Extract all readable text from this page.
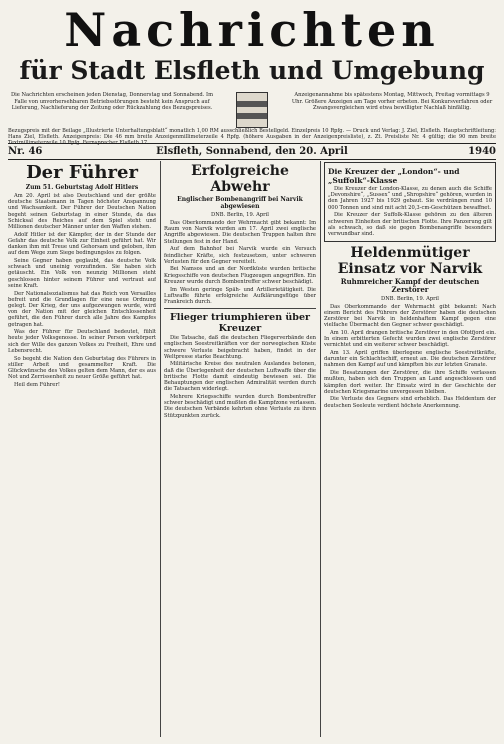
Nachrichten
für Stadt Elsfleth und Umgebung
Die Nachrichten erscheinen jeden Dienstag, Donnerstag und Sonnabend. Im Falle von unvorhersehbaren Betriebsstörungen besteht kein Anspruch auf Lieferung, Nachlieferung der Zeitung oder Rückzahlung des Bezugspreises.
Anzeigenannahme bis spätestens Montag, Mittwoch, Freitag vormittags 9 Uhr. Größere Anzeigen am Tage vorher erbeten. Bei Konkursverfahren oder Zwangsvergleichen wird etwa bewilligter Nachlaß hinfällig.
Bezugspreis mit der Beilage „Illustrierte Unterhaltungsblatt“ monatlich 1,00 RM ausschließlich Bestellgeld. Einzelpreis 10 Rpfg. — Druck und Verlag: J. Ziel, Elsfleth. Hauptschriftleitung: Hans Ziel, Elsfleth. Anzeigenpreis: Die 46 mm breite Anzeigenmillimeterzeile 4 Rpfg. (höhere Ausgaben in der Anzeigenpreisliste), z. Zt. Preisliste Nr. 4 gültig; die 90 mm breite Textmillimeterzeile 10 Rpfg. Fernsprecher Elsfleth 17.
Nr. 46	Elsfleth, Sonnabend, den 20. April	1940
Der Führer
Zum 51. Geburtstag Adolf Hitlers

Am 20. April ist also Deutschland und der größte deutsche Staatsmann in Tagen höchster Anspannung und Wachsamkeit. Der Führer der Deutschen Nation begeht seinen Geburtstag in einer Stunde, da das Schicksal des Reiches auf dem Spiel steht und Millionen deutscher Männer unter den Waffen stehen.

Adolf Hitler ist der Kämpfer, der in der Stunde der Gefahr das deutsche Volk zur Einheit geführt hat. Wir danken ihm mit Treue und Gehorsam und geloben, ihm auf dem Wege zum Siege bedingungslos zu folgen.

Seine Gegner haben geglaubt, das deutsche Volk schwach und uneinig vorzufinden. Sie haben sich getäuscht. Ein Volk von neunzig Millionen steht geschlossen hinter seinem Führer und vertraut auf seine Kraft.

Der Nationalsozialismus hat das Reich von Versailles befreit und die Grundlagen für eine neue Ordnung gelegt. Der Krieg, der uns aufgezwungen wurde, wird von der Nation mit der gleichen Entschlossenheit geführt, die den Führer durch alle Jahre des Kampfes getragen hat.

Was der Führer für Deutschland bedeutet, fühlt heute jeder Volksgenosse. In seiner Person verkörpert sich der Wille des ganzen Volkes zu Freiheit, Ehre und Lebensrecht.

So begeht die Nation den Geburtstag des Führers in stiller Arbeit und gesammelter Kraft. Die Glückwünsche des Volkes gelten dem Mann, der es aus Not und Zerrissenheit zu neuer Größe geführt hat.

Heil dem Führer!

Erfolgreiche Abwehr
Englischer Bombenangriff bei Narvik abgewiesen
DNB. Berlin, 19. April

Das Oberkommando der Wehrmacht gibt bekannt: Im Raum von Narvik wurden am 17. April zwei englische Angriffe abgewiesen. Die deutschen Truppen halten ihre Stellungen fest in der Hand.

Auf dem Bahnhof bei Narvik wurde ein Versuch feindlicher Kräfte, sich festzusetzen, unter schweren Verlusten für den Gegner vereitelt.

Bei Namsos und an der Nordküste wurden britische Kriegsschiffe von deutschen Flugzeugen angegriffen. Ein Kreuzer wurde durch Bombentreffer schwer beschädigt.

Im Westen geringe Späh- und Artillerietätigkeit. Die Luftwaffe führte erfolgreiche Aufklärungsflüge über Frankreich durch.

Flieger triumphieren über Kreuzer

Die Tatsache, daß die deutschen Fliegerverbände den englischen Seestreitkräften vor der norwegischen Küste schwere Verluste beigebracht haben, findet in der Weltpresse starke Beachtung.

Militärische Kreise des neutralen Auslandes betonen, daß die Überlegenheit der deutschen Luftwaffe über die britische Flotte damit eindeutig bewiesen sei. Die Behauptungen der englischen Admiralität werden durch die Tatsachen widerlegt.

Mehrere Kriegsschiffe wurden durch Bombentreffer schwer beschädigt und mußten die Kampfzone verlassen. Die deutschen Verbände kehrten ohne Verluste zu ihren Stützpunkten zurück.

Die Kreuzer der „London“- und „Suffolk“-Klasse

Die Kreuzer der London-Klasse, zu denen auch die Schiffe „Devonshire“, „Sussex“ und „Shropshire“ gehören, wurden in den Jahren 1927 bis 1929 gebaut. Sie verdrängen rund 10 000 Tonnen und sind mit acht 20,3-cm-Geschützen bewaffnet.

Die Kreuzer der Suffolk-Klasse gehören zu den älteren schweren Einheiten der britischen Flotte. Ihre Panzerung gilt als schwach, so daß sie gegen Bombenangriffe besonders verwundbar sind.

Heldenmütiger Einsatz vor Narvik
Ruhmreicher Kampf der deutschen Zerstörer
DNB. Berlin, 19. April

Das Oberkommando der Wehrmacht gibt bekannt: Nach einem Bericht des Führers der Zerstörer haben die deutschen Zerstörer bei Narvik in heldenhaftem Kampf gegen eine vielfache Übermacht den Gegner schwer geschädigt.

Am 10. April drangen britische Zerstörer in den Ofotfjord ein. In einem erbitterten Gefecht wurden zwei englische Zerstörer vernichtet und ein weiterer schwer beschädigt.

Am 13. April griffen überlegene englische Seestreitkräfte, darunter ein Schlachtschiff, erneut an. Die deutschen Zerstörer nahmen den Kampf auf und kämpften bis zur letzten Granate.

Die Besatzungen der Zerstörer, die ihre Schiffe verlassen mußten, haben sich den Truppen an Land angeschlossen und kämpfen dort weiter. Ihr Einsatz wird in der Geschichte der deutschen Kriegsmarine unvergessen bleiben.

Die Verluste des Gegners sind erheblich. Das Heldentum der deutschen Seeleute verdient höchste Anerkennung.
